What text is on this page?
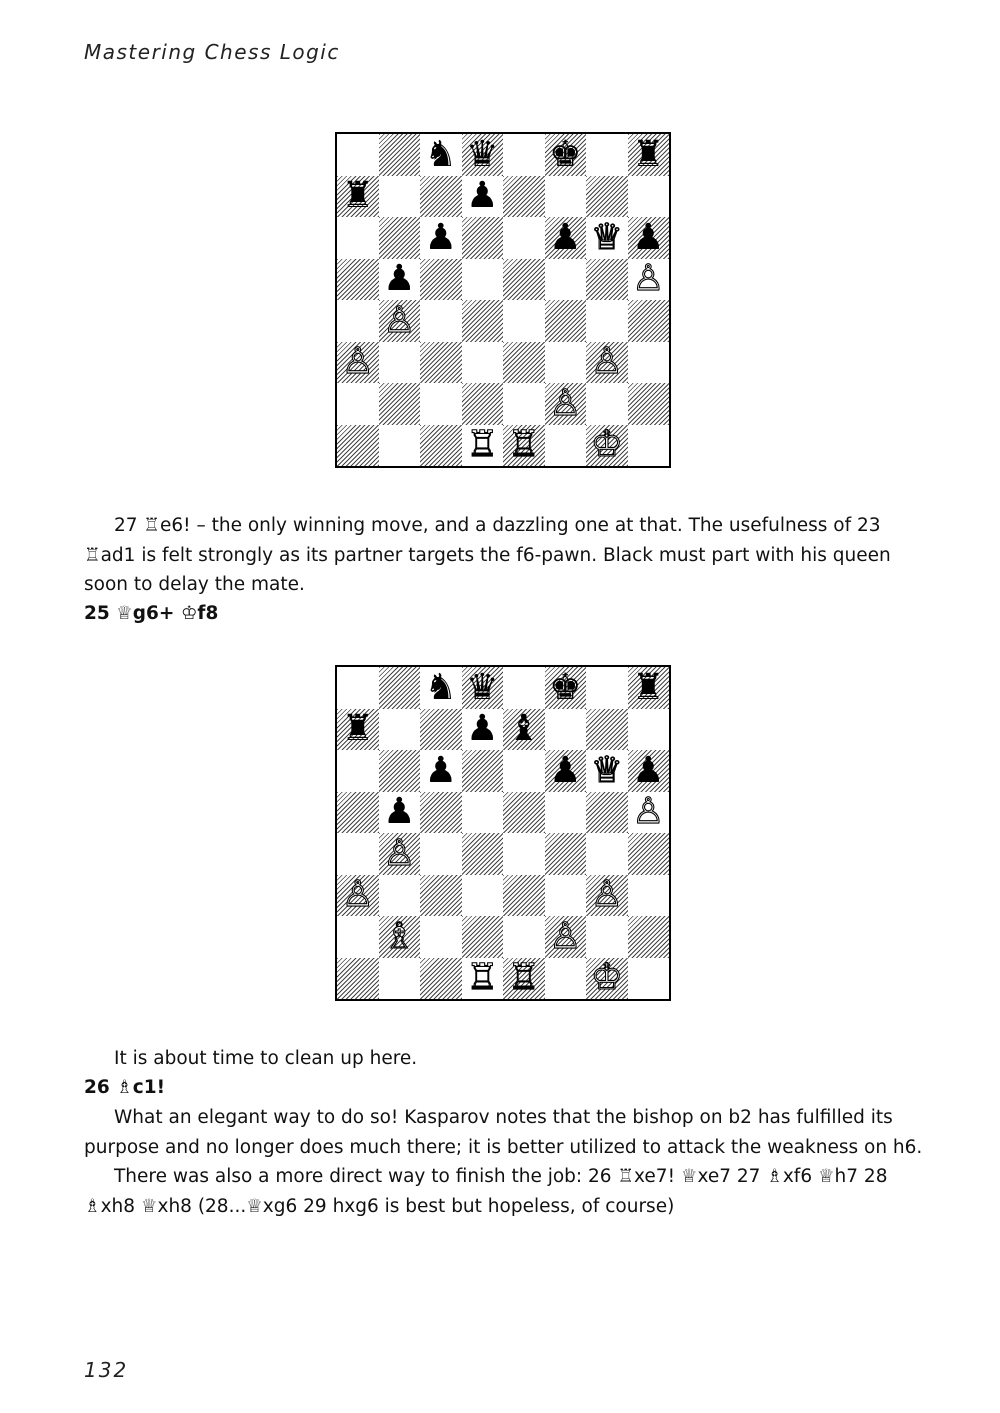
Mastering Chess Logic
♞ ♛ ♚ ♜
♜	♟
♟	♟ ♕ ♟
♟	♙
♙
♙	♙
♙
♖ ♖ ♔

27 ♖e6! – the only winning move, and a dazzling one at that. The usefulness of 23 ♖ad1 is felt strongly as its partner targets the f6-pawn. Black must part with his queen soon to delay the mate.

25 ♕g6+ ♔f8

♞ ♛ ♚ ♜
♜	♟ ♝
♟	♟ ♕ ♟
♟	♙
♙
♙	♙
♗	♙
♖ ♖ ♔

It is about time to clean up here.

26 ♗c1!

What an elegant way to do so! Kasparov notes that the bishop on b2 has fulfilled its purpose and no longer does much there; it is better utilized to attack the weakness on h6.

There was also a more direct way to finish the job: 26 ♖xe7! ♕xe7 27 ♗xf6 ♕h7 28 ♗xh8 ♕xh8 (28...♕xg6 29 hxg6 is best but hopeless, of course)

132
